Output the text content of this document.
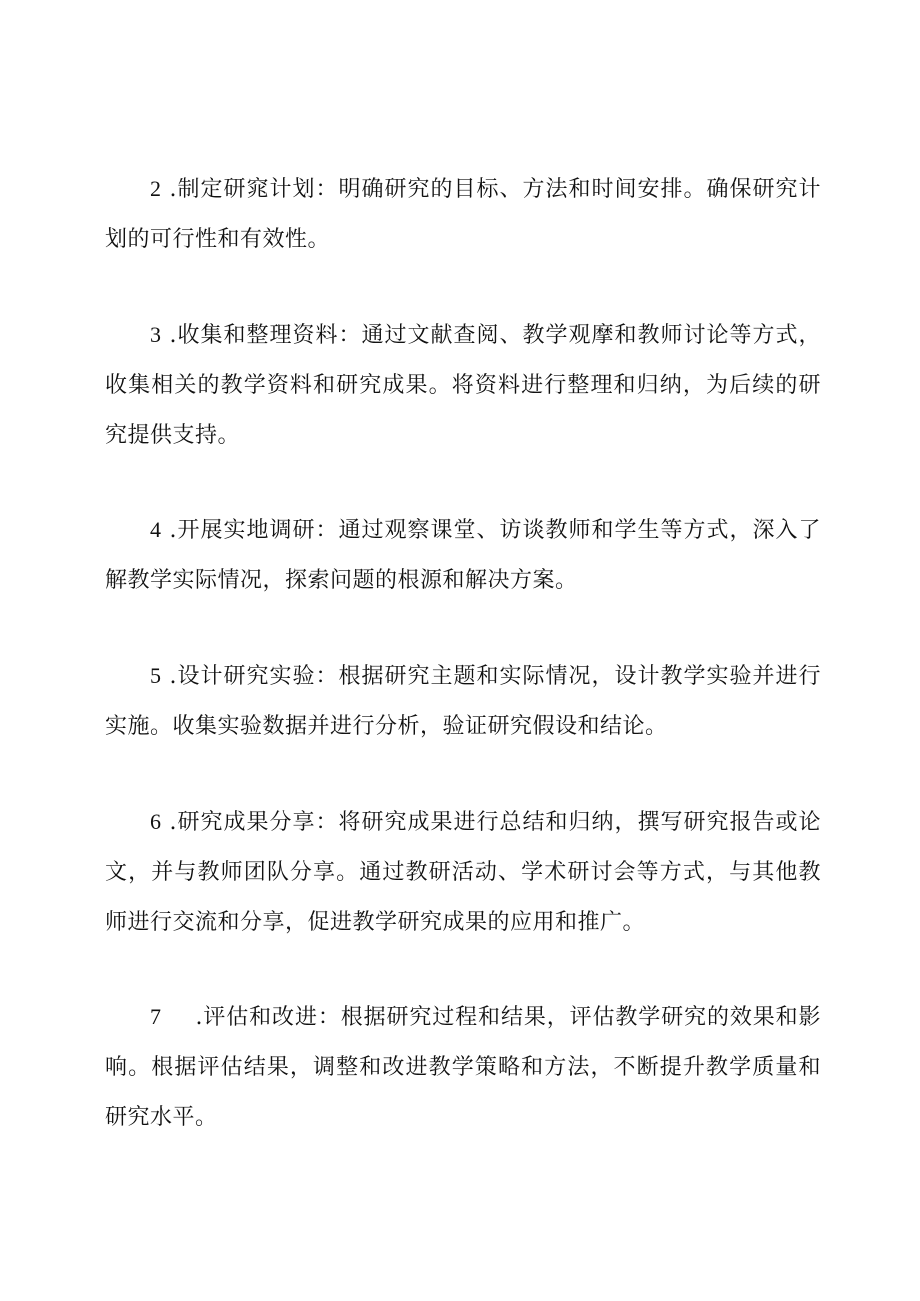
2 .制定研窕计划：明确研究的目标、方法和时间安排。确保研究计划的可行性和有效性。

3 .收集和整理资料：通过文献查阅、教学观摩和教师讨论等方式，收集相关的教学资料和研究成果。将资料进行整理和归纳，为后续的研究提供支持。

4 .开展实地调研：通过观察课堂、访谈教师和学生等方式，深入了解教学实际情况，探索问题的根源和解决方案。

5 .设计研究实验：根据研究主题和实际情况，设计教学实验并进行实施。收集实验数据并进行分析，验证研究假设和结论。

6 .研究成果分享：将研究成果进行总结和归纳，撰写研究报告或论文，并与教师团队分享。通过教研活动、学术研讨会等方式，与其他教师进行交流和分享，促进教学研究成果的应用和推广。

7 .评估和改进：根据研究过程和结果，评估教学研究的效果和影响。根据评估结果，调整和改进教学策略和方法，不断提升教学质量和研究水平。
